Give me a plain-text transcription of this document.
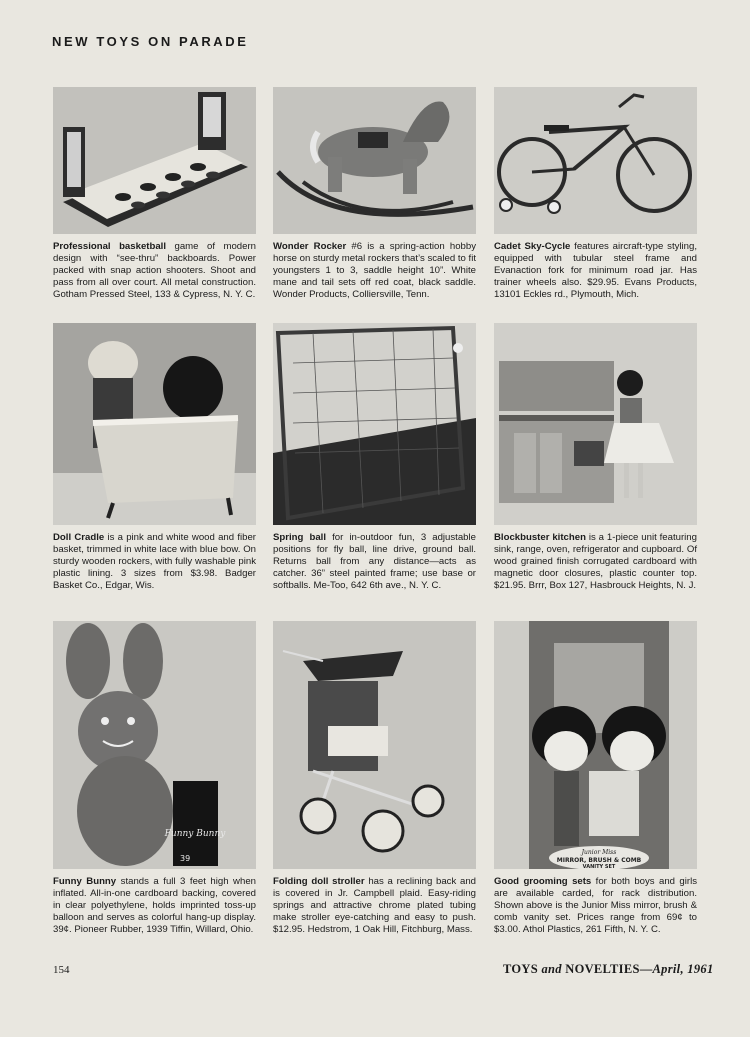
NEW TOYS ON PARADE
Professional basketball game of modern design with “see-thru” backboards. Power packed with snap action shooters. Shoot and pass from all over court. All metal construction. Gotham Pressed Steel, 133 & Cypress, N. Y. C.
Wonder Rocker #6 is a spring-action hobby horse on sturdy metal rockers that’s scaled to fit youngsters 1 to 3, saddle height 10”. White mane and tail sets off red coat, black saddle. Wonder Products, Colliersville, Tenn.
Cadet Sky-Cycle features aircraft-type styling, equipped with tubular steel frame and Evanaction fork for minimum road jar. Has trainer wheels also. $29.95. Evans Products, 13101 Eckles rd., Plymouth, Mich.
Doll Cradle is a pink and white wood and fiber basket, trimmed in white lace with blue bow. On sturdy wooden rockers, with fully washable pink plastic lining. 3 sizes from $3.98. Badger Basket Co., Edgar, Wis.
Spring ball for in-outdoor fun, 3 adjustable positions for fly ball, line drive, ground ball. Returns ball from any distance—acts as catcher. 36” steel painted frame; use base or softballs. Me-Too, 642 6th ave., N. Y. C.
Blockbuster kitchen is a 1-piece unit featuring sink, range, oven, refrigerator and cupboard. Of wood grained finish corrugated cardboard with magnetic door closures, plastic counter top. $21.95. Brrr, Box 127, Hasbrouck Heights, N. J.
Funny Bunny
39
Funny Bunny stands a full 3 feet high when inflated. All-in-one cardboard backing, covered in clear polyethylene, holds imprinted toss-up balloon and serves as colorful hang-up display. 39¢. Pioneer Rubber, 1939 Tiffin, Willard, Ohio.
Folding doll stroller has a reclining back and is covered in Jr. Campbell plaid. Easy-riding springs and attractive chrome plated tubing make stroller eye-catching and easy to push. $12.95. Hedstrom, 1 Oak Hill, Fitchburg, Mass.
Junior Miss
MIRROR, BRUSH & COMB
VANITY SET
Good grooming sets for both boys and girls are available carded, for rack distribution. Shown above is the Junior Miss mirror, brush & comb vanity set. Prices range from 69¢ to $3.00. Athol Plastics, 261 Fifth, N. Y. C.
154	TOYS and NOVELTIES—April, 1961
